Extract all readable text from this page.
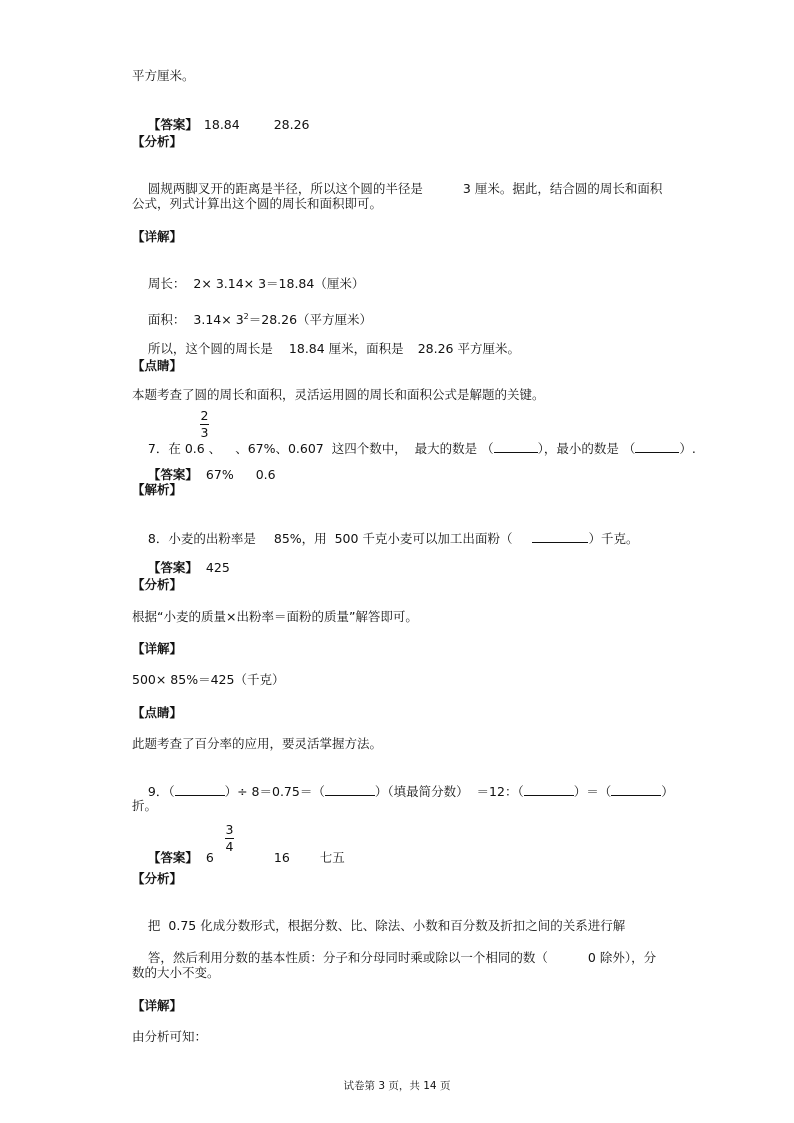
平方厘米。

【答案】 18.84	28.26

【分析】

圆规两脚叉开的距离是半径，所以这个圆的半径是	3 厘米。据此，结合圆的周长和面积

公式，列式计算出这个圆的周长和面积即可。
【详解】

周长： 2× 3.14× 3＝18.84（厘米）

面积： $3.14\times 3^2=28.26$（平方厘米）

所以，这个圆的周长是 18.84 厘米，面积是 28.26 平方厘米。

【点睛】
本题考查了圆的周长和面积，灵活运用圆的周长和面积公式是解题的关键。

7．在 0.6 、 、67%、0.607  这四个数中，  最大的数是 （	），最小的数是 （	）.

2
3

【答案】 67% 0.6

【解析】

8．小麦的出粉率是 85%，用  500 千克小麦可以加工出面粉（	）千克。

【答案】 425

【分析】
根据“小麦的质量×出粉率＝面粉的质量”解答即可。
【详解】
500× 85%＝425（千克）
【点睛】
此题考查了百分率的应用，要灵活掌握方法。

9．（	）÷ 8＝0.75＝（	）（填最简分数）  ＝12：（	）＝（	）

折。

【答案】 6	16 七五

3
4
【分析】

把 0.75 化成分数形式，根据分数、比、除法、小数和百分数及折扣之间的关系进行解

答，然后利用分数的基本性质：分子和分母同时乘或除以一个相同的数（	0 除外），分

数的大小不变。
【详解】
由分析可知：
试卷第 3 页，共 14 页
